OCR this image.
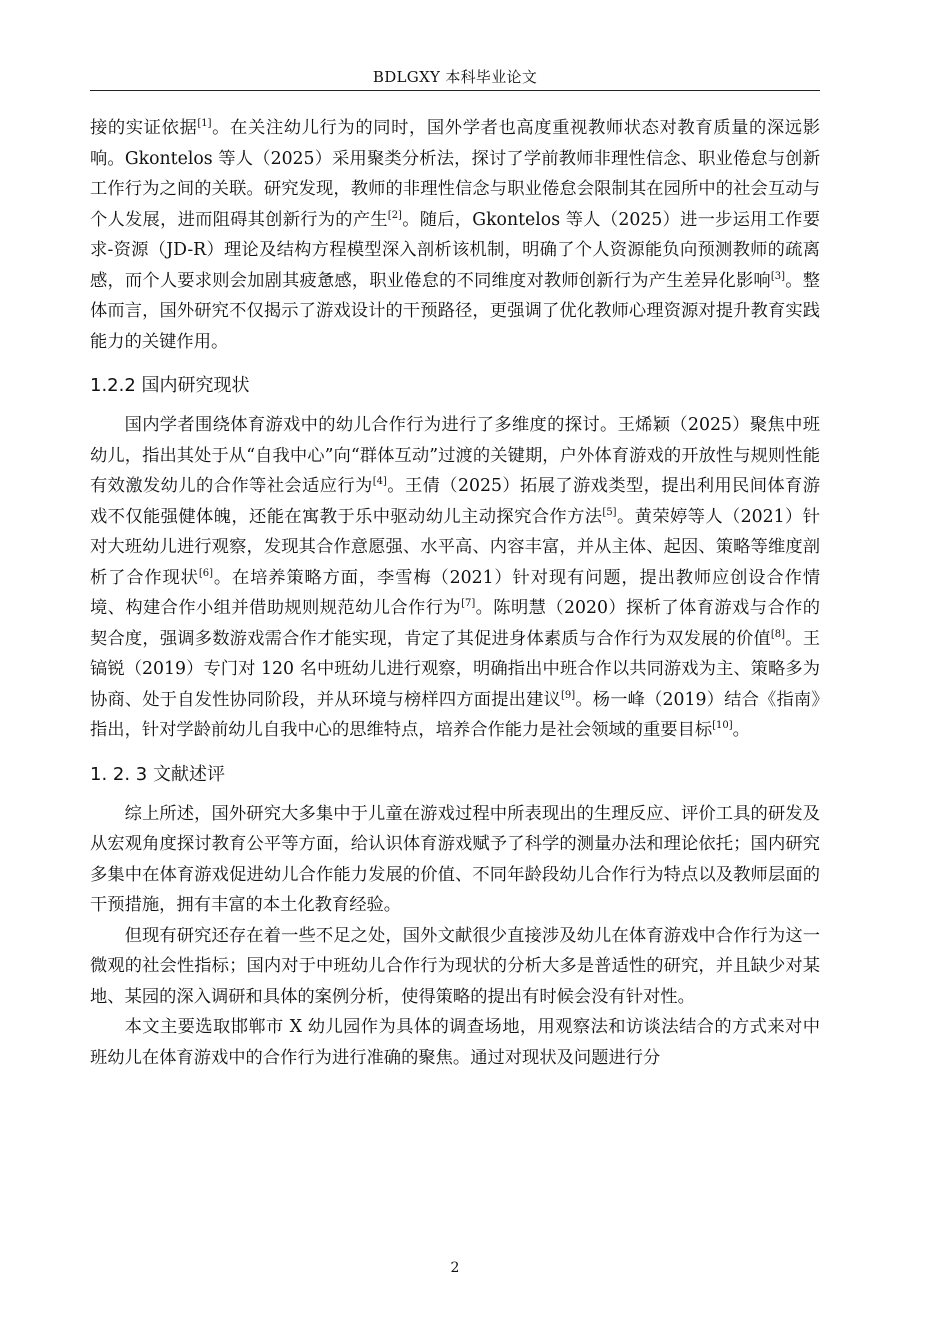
BDLGXY 本科毕业论文

接的实证依据[1]。在关注幼儿行为的同时，国外学者也高度重视教师状态对教育质量的深远影响。Gkontelos 等人（2025）采用聚类分析法，探讨了学前教师非理性信念、职业倦怠与创新工作行为之间的关联。研究发现，教师的非理性信念与职业倦怠会限制其在园所中的社会互动与个人发展，进而阻碍其创新行为的产生[2]。随后，Gkontelos 等人（2025）进一步运用工作要求-资源（JD-R）理论及结构方程模型深入剖析该机制，明确了个人资源能负向预测教师的疏离感，而个人要求则会加剧其疲惫感，职业倦怠的不同维度对教师创新行为产生差异化影响[3]。整体而言，国外研究不仅揭示了游戏设计的干预路径，更强调了优化教师心理资源对提升教育实践能力的关键作用。

1.2.2 国内研究现状

国内学者围绕体育游戏中的幼儿合作行为进行了多维度的探讨。王烯颖（2025）聚焦中班幼儿，指出其处于从“自我中心”向“群体互动”过渡的关键期，户外体育游戏的开放性与规则性能有效激发幼儿的合作等社会适应行为[4]。王倩（2025）拓展了游戏类型，提出利用民间体育游戏不仅能强健体魄，还能在寓教于乐中驱动幼儿主动探究合作方法[5]。黄荣婷等人（2021）针对大班幼儿进行观察，发现其合作意愿强、水平高、内容丰富，并从主体、起因、策略等维度剖析了合作现状[6]。在培养策略方面，李雪梅（2021）针对现有问题，提出教师应创设合作情境、构建合作小组并借助规则规范幼儿合作行为[7]。陈明慧（2020）探析了体育游戏与合作的契合度，强调多数游戏需合作才能实现，肯定了其促进身体素质与合作行为双发展的价值[8]。王镐锐（2019）专门对 120 名中班幼儿进行观察，明确指出中班合作以共同游戏为主、策略多为协商、处于自发性协同阶段，并从环境与榜样四方面提出建议[9]。杨一峰（2019）结合《指南》指出，针对学龄前幼儿自我中心的思维特点，培养合作能力是社会领域的重要目标[10]。

1. 2. 3 文献述评

综上所述，国外研究大多集中于儿童在游戏过程中所表现出的生理反应、评价工具的研发及从宏观角度探讨教育公平等方面，给认识体育游戏赋予了科学的测量办法和理论依托；国内研究多集中在体育游戏促进幼儿合作能力发展的价值、不同年龄段幼儿合作行为特点以及教师层面的干预措施，拥有丰富的本土化教育经验。

但现有研究还存在着一些不足之处，国外文献很少直接涉及幼儿在体育游戏中合作行为这一微观的社会性指标；国内对于中班幼儿合作行为现状的分析大多是普适性的研究，并且缺少对某地、某园的深入调研和具体的案例分析，使得策略的提出有时候会没有针对性。

本文主要选取邯郸市 X 幼儿园作为具体的调查场地，用观察法和访谈法结合的方式来对中班幼儿在体育游戏中的合作行为进行准确的聚焦。通过对现状及问题进行分

2
